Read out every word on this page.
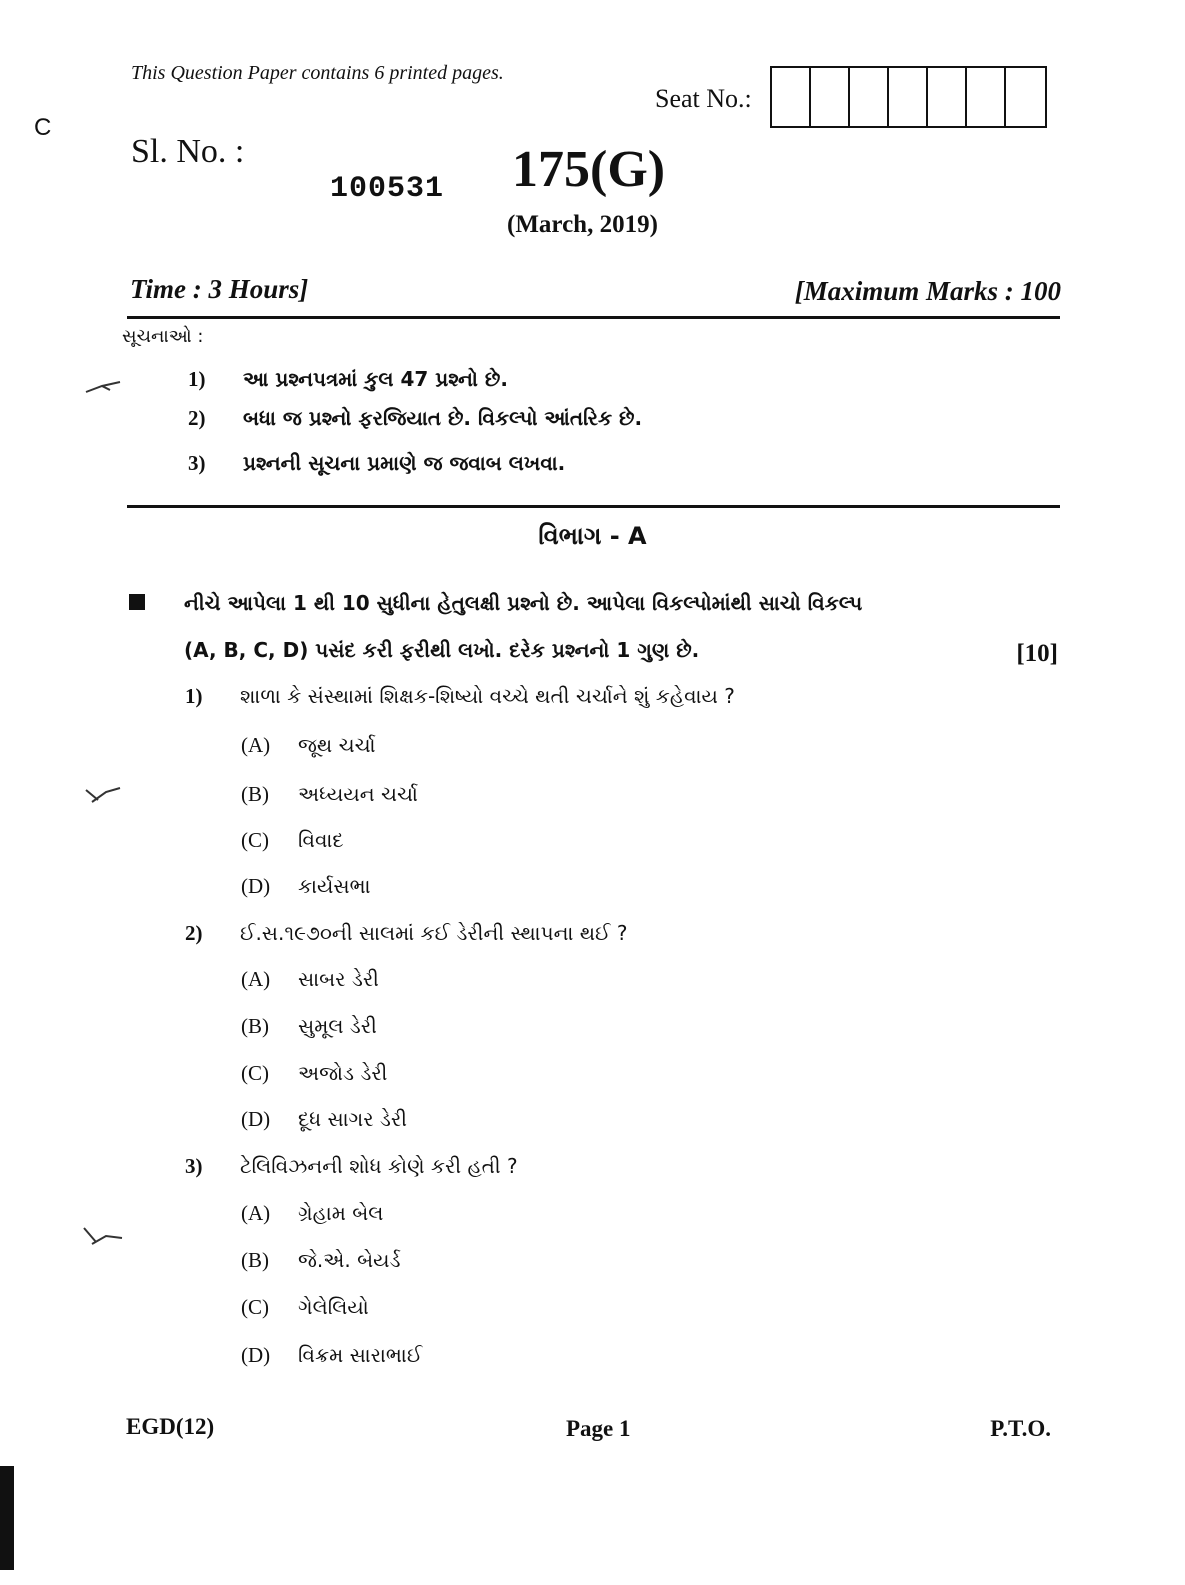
This Question Paper contains 6 printed pages.
C
Seat No.:
Sl. No. :
100531 175(G)
(March, 2019)
Time : 3 Hours]	[Maximum Marks : 100
સૂચનાઓ :
1)	આ પ્રશ્નપત્રમાં કુલ 47 પ્રશ્નો છે.
2)	બધા જ પ્રશ્નો ફરજિયાત છે. વિકલ્પો આંતરિક છે.
3)	પ્રશ્નની સૂચના પ્રમાણે જ જવાબ લખવા.
વિભાગ - A
નીચે આપેલા 1 થી 10 સુધીના હેતુલક્ષી પ્રશ્નો છે. આપેલા વિકલ્પોમાંથી સાચો વિકલ્પ
(A, B, C, D) પસંદ કરી ફરીથી લખો. દરેક પ્રશ્નનો 1 ગુણ છે.	[10]
1)	શાળા કે સંસ્થામાં શિક્ષક-શિષ્યો વચ્ચે થતી ચર્ચાને શું કહેવાય ?
(A)	જૂથ ચર્ચા
(B)	અધ્યયન ચર્ચા
(C)	વિવાદ
(D)	કાર્યસભા
2)	ઈ.સ.૧૯૭૦ની સાલમાં કઈ ડેરીની સ્થાપના થઈ ?
(A)	સાબર ડેરી
(B)	સુમૂલ ડેરી
(C)	અજોડ ડેરી
(D)	દૂધ સાગર ડેરી
3)	ટેલિવિઝનની શોધ કોણે કરી હતી ?
(A)	ગ્રેહામ બેલ
(B)	જે.એ. બેયર્ડ
(C)	ગેલેલિયો
(D)	વિક્રમ સારાભાઈ
EGD(12)	Page 1	P.T.O.
